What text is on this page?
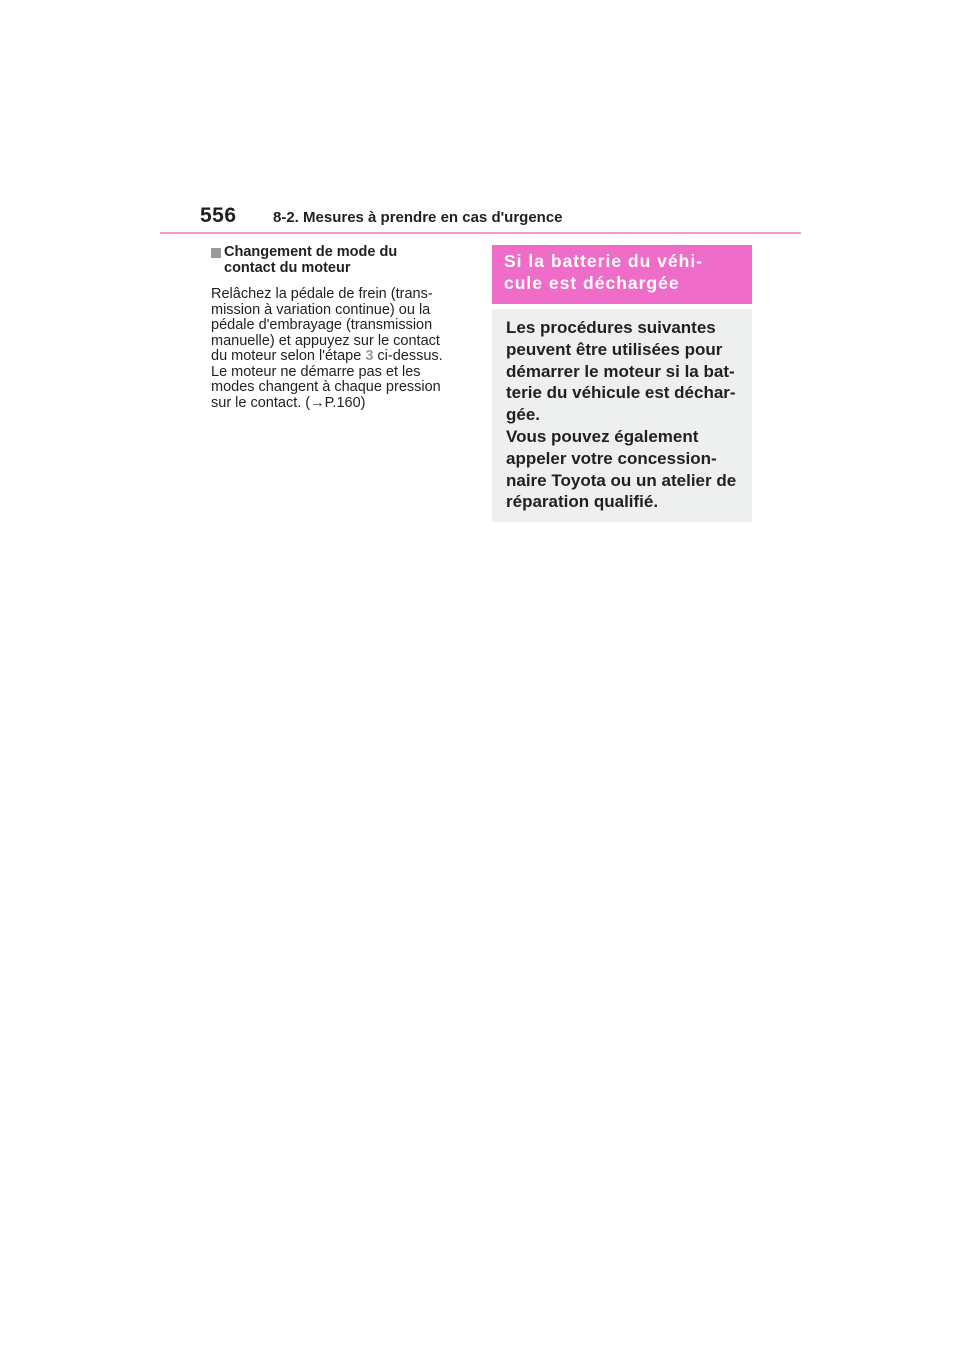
556 8-2. Mesures à prendre en cas d'urgence
Changement de mode du
contact du moteur
Relâchez la pédale de frein (trans-
mission à variation continue) ou la
pédale d'embrayage (transmission
manuelle) et appuyez sur le contact
du moteur selon l'étape 3 ci-dessus.
Le moteur ne démarre pas et les
modes changent à chaque pression
sur le contact. (→P.160)
Si la batterie du véhi-
cule est déchargée
Les procédures suivantes
peuvent être utilisées pour
démarrer le moteur si la bat-
terie du véhicule est déchar-
gée.
Vous pouvez également
appeler votre concession-
naire Toyota ou un atelier de
réparation qualifié.
